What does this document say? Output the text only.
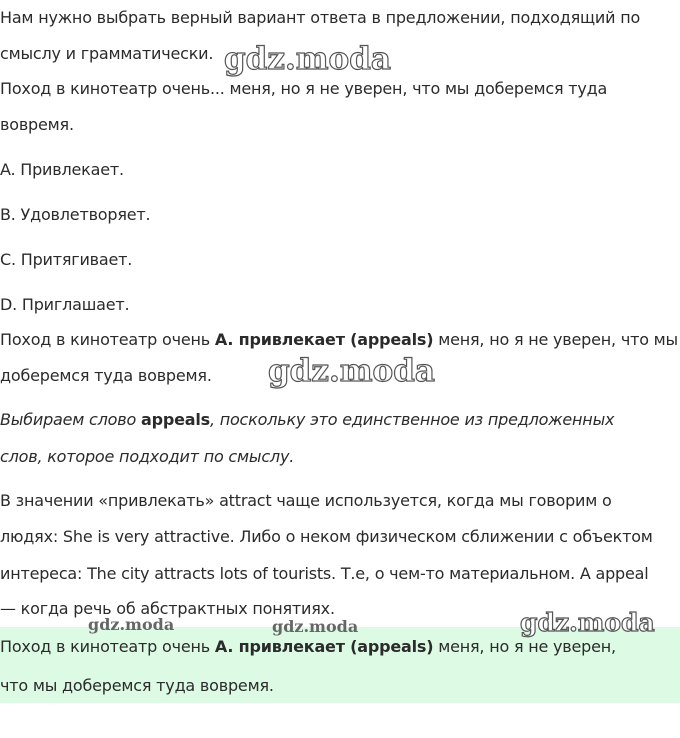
Нам нужно выбрать верный вариант ответа в предложении, подходящий по
смыслу и грамматически. gdz.moda
Поход в кинотеатр очень... меня, но я не уверен, что мы доберемся туда
вовремя.
A. Привлекает.
B. Удовлетворяет.
C. Притягивает.
D. Приглашает.
Поход в кинотеатр очень A. привлекает (appeals) меня, но я не уверен, что мы
доберемся туда вовремя. gdz.moda
Выбираем слово appeals, поскольку это единственное из предложенных
слов, которое подходит по смыслу.
В значении «привлекать» attract чаще используется, когда мы говорим о
людях: She is very attractive. Либо о неком физическом сближении с объектом
интереса: The city attracts lots of tourists. Т.е, о чем-то материальном. А appeal
— когда речь об абстрактных понятиях.
gdz.moda	gdz.moda	gdz.moda
Поход в кинотеатр очень A. привлекает (appeals) меня, но я не уверен,
что мы доберемся туда вовремя.
